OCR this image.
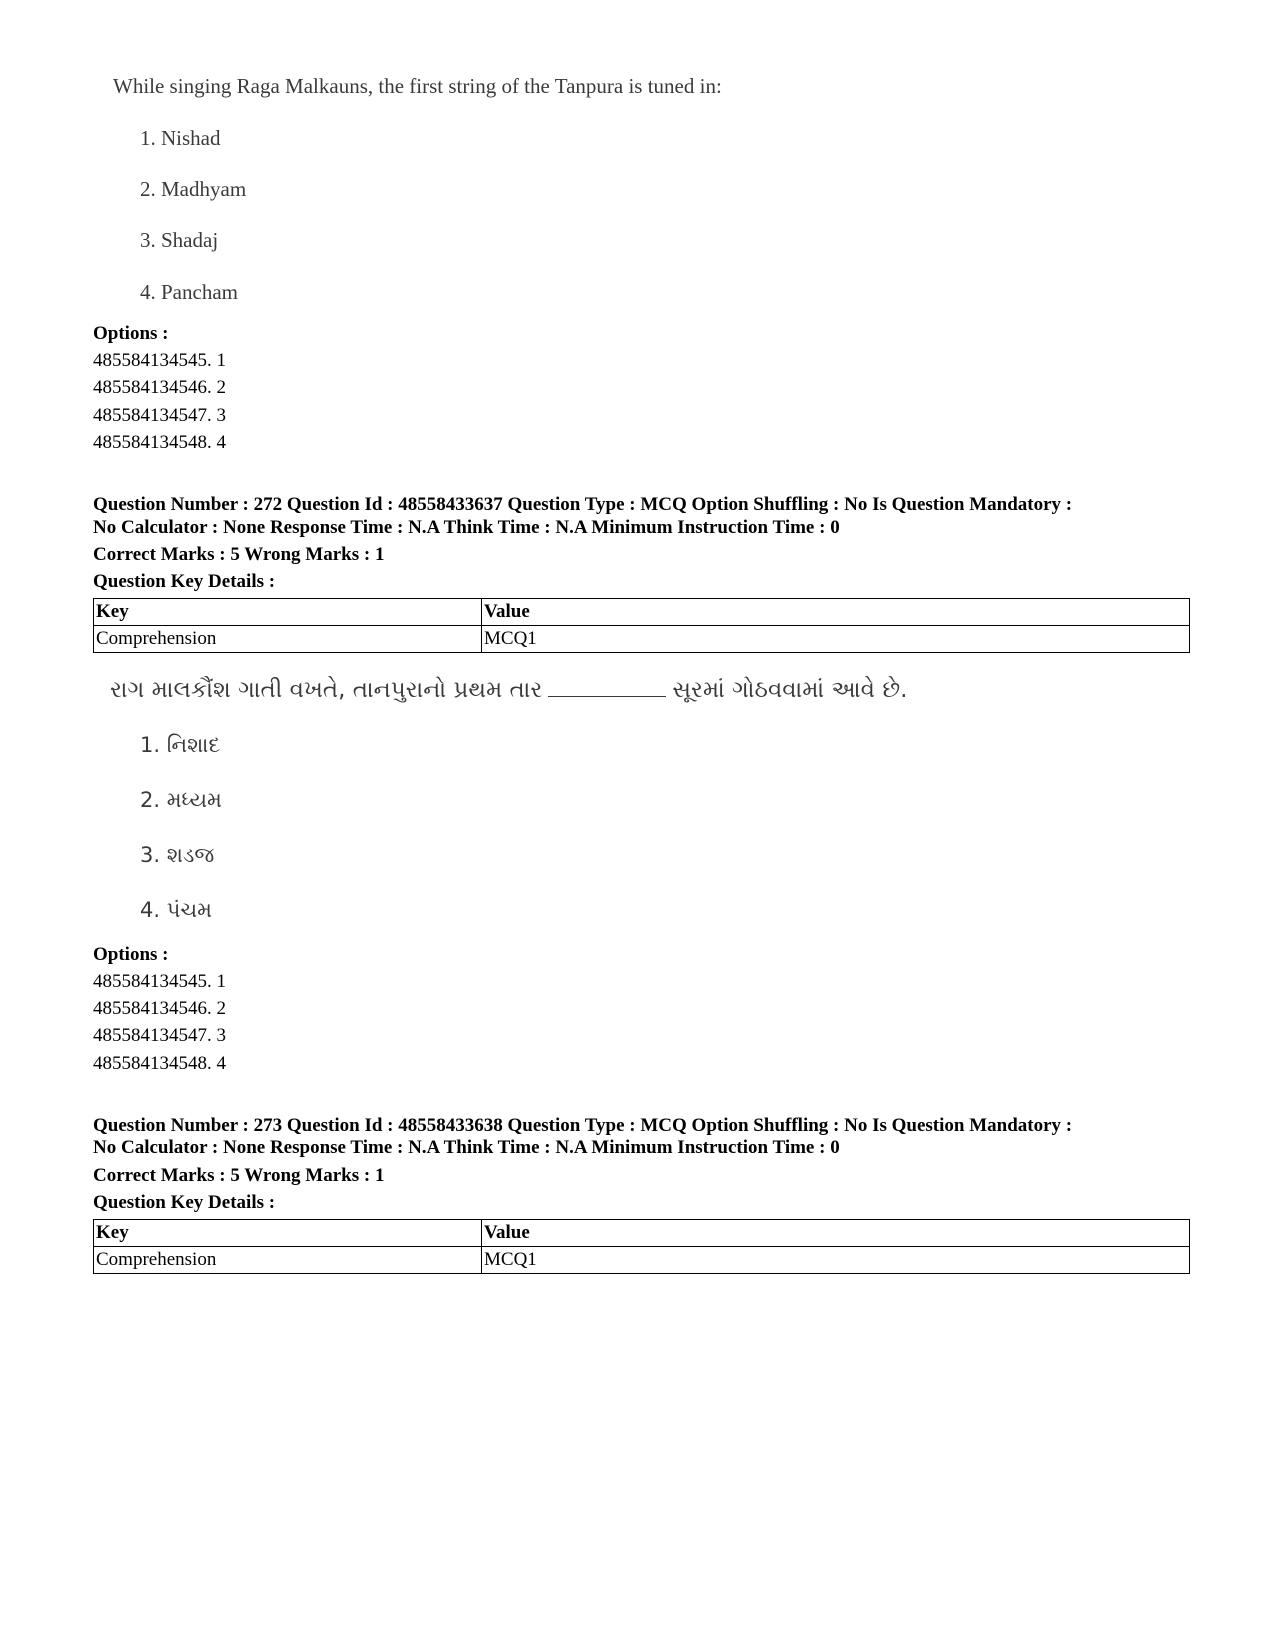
While singing Raga Malkauns, the first string of the Tanpura is tuned in:
1. Nishad
2. Madhyam
3. Shadaj
4. Pancham
Options :
485584134545. 1
485584134546. 2
485584134547. 3
485584134548. 4
Question Number : 272 Question Id : 48558433637 Question Type : MCQ Option Shuffling : No Is Question Mandatory :
No Calculator : None Response Time : N.A Think Time : N.A Minimum Instruction Time : 0
Correct Marks : 5 Wrong Marks : 1
Question Key Details :
Key	Value
Comprehension	MCQ1
રાગ માલકૌંશ ગાતી વખતે, તાનપુરાનો પ્રથમ તાર	સૂરમાં ગોઠવવામાં આવે છે.
1. નિશાદ
2. મધ્યમ
3. શડજ
4. પંચમ
Options :
485584134545. 1
485584134546. 2
485584134547. 3
485584134548. 4
Question Number : 273 Question Id : 48558433638 Question Type : MCQ Option Shuffling : No Is Question Mandatory :
No Calculator : None Response Time : N.A Think Time : N.A Minimum Instruction Time : 0
Correct Marks : 5 Wrong Marks : 1
Question Key Details :
Key	Value
Comprehension	MCQ1
